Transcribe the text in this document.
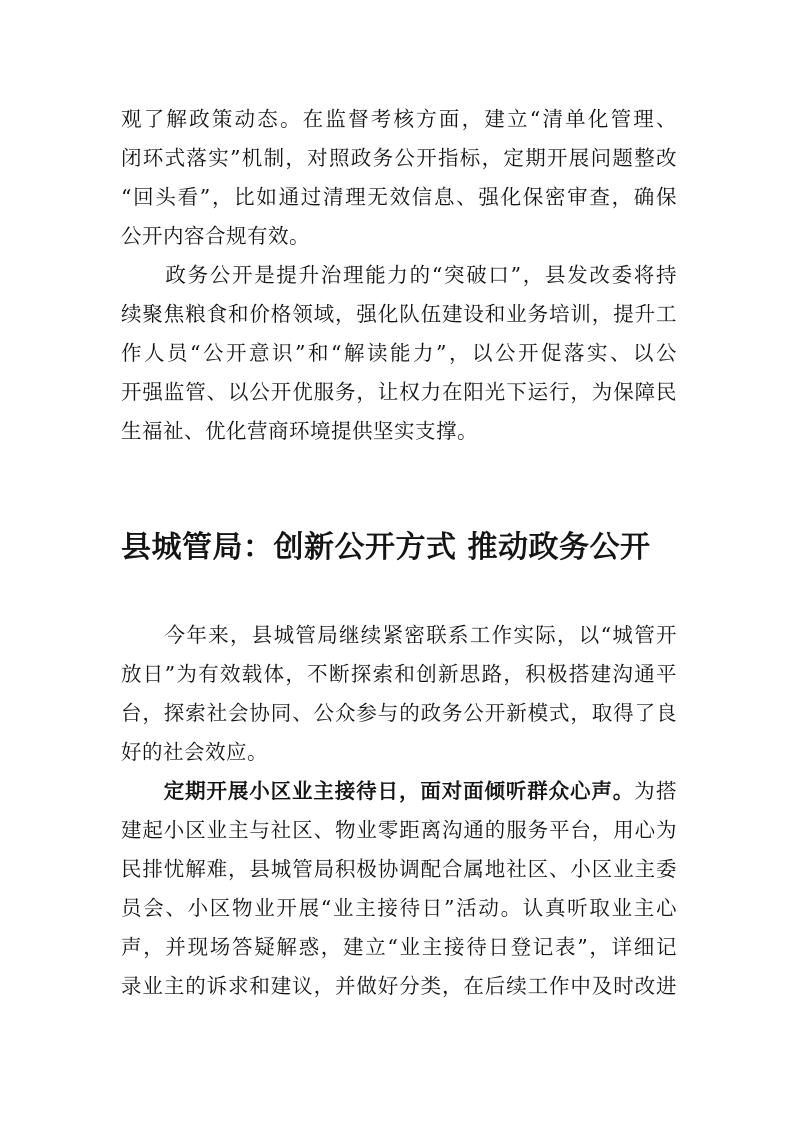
观了解政策动态。在监督考核方面，建立“清单化管理、
闭环式落实”机制，对照政务公开指标，定期开展问题整改
“回头看”，比如通过清理无效信息、强化保密审查，确保
公开内容合规有效。
　　政务公开是提升治理能力的“突破口”，县发改委将持
续聚焦粮食和价格领域，强化队伍建设和业务培训，提升工
作人员“公开意识”和“解读能力”，以公开促落实、以公
开强监管、以公开优服务，让权力在阳光下运行，为保障民
生福祉、优化营商环境提供坚实支撑。
县城管局：创新公开方式 推动政务公开
　　今年来，县城管局继续紧密联系工作实际，以“城管开
放日”为有效载体，不断探索和创新思路，积极搭建沟通平
台，探索社会协同、公众参与的政务公开新模式，取得了良
好的社会效应。
　　定期开展小区业主接待日，面对面倾听群众心声。为搭
建起小区业主与社区、物业零距离沟通的服务平台，用心为
民排忧解难，县城管局积极协调配合属地社区、小区业主委
员会、小区物业开展“业主接待日”活动。认真听取业主心
声，并现场答疑解惑，建立“业主接待日登记表”，详细记
录业主的诉求和建议，并做好分类，在后续工作中及时改进
